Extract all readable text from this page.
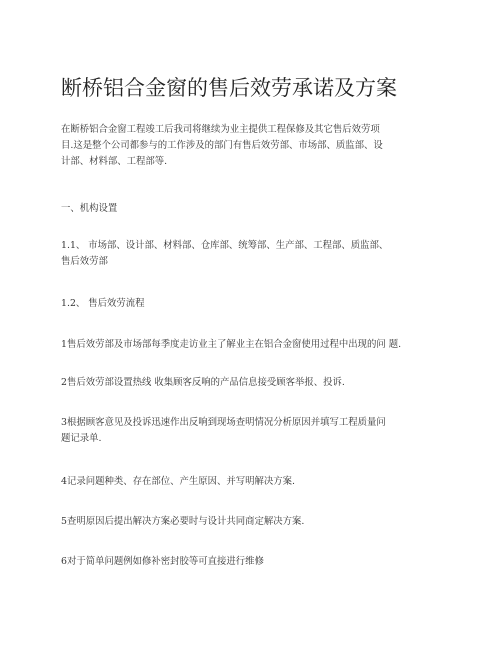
断桥铝合金窗的售后效劳承诺及方案
在断桥铝合金窗工程竣工后我司将继续为业主提供工程保修及其它售后效劳项
目.这是整个公司都参与的工作涉及的部门有售后效劳部、市场部、质监部、设
计部、材料部、工程部等.
一、机构设置
1.1、 市场部、设计部、材料部、仓库部、统筹部、生产部、工程部、质监部、
售后效劳部
1.2、 售后效劳流程
1售后效劳部及市场部每季度走访业主了解业主在铝合金窗使用过程中出现的问 题.
2售后效劳部设置热线 收集顾客反响的产品信息接受顾客举报、投诉.
3根据顾客意见及投诉迅速作出反响到现场查明情况分析原因并填写工程质量问
题记录单.
4记录问题种类、存在部位、产生原因、并写明解决方案.
5查明原因后提出解决方案必要时与设计共同商定解决方案.
6对于简单问题例如修补密封胶等可直接进行维修
